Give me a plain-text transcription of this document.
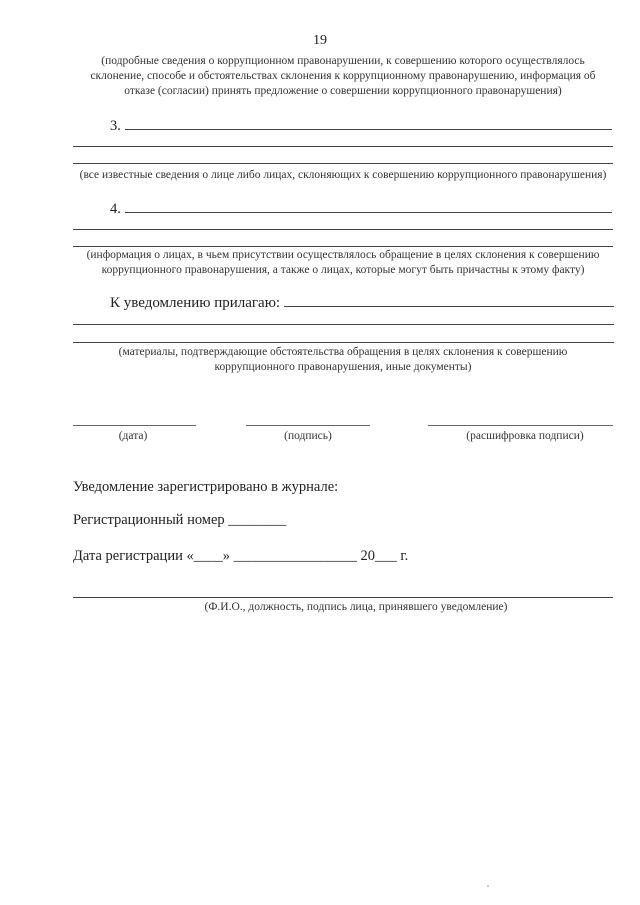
19
(подробные сведения о коррупционном правонарушении, к совершению которого осуществлялось склонение, способе и обстоятельствах склонения к коррупционному правонарушению, информация об отказе (согласии) принять предложение о совершении коррупционного правонарушения)
3.
(все известные сведения о лице либо лицах, склоняющих к совершению коррупционного правонарушения)
4.
(информация о лицах, в чьем присутствии осуществлялось обращение в целях склонения к совершению коррупционного правонарушения, а также о лицах, которые могут быть причастны к этому факту)
К уведомлению прилагаю:
(материалы, подтверждающие обстоятельства обращения в целях склонения к совершению коррупционного правонарушения, иные документы)
(дата)	(подпись)	(расшифровка подписи)
Уведомление зарегистрировано в журнале:
Регистрационный номер ________
Дата регистрации «____» _________________ 20___ г.
(Ф.И.О., должность, подпись лица, принявшего уведомление)
